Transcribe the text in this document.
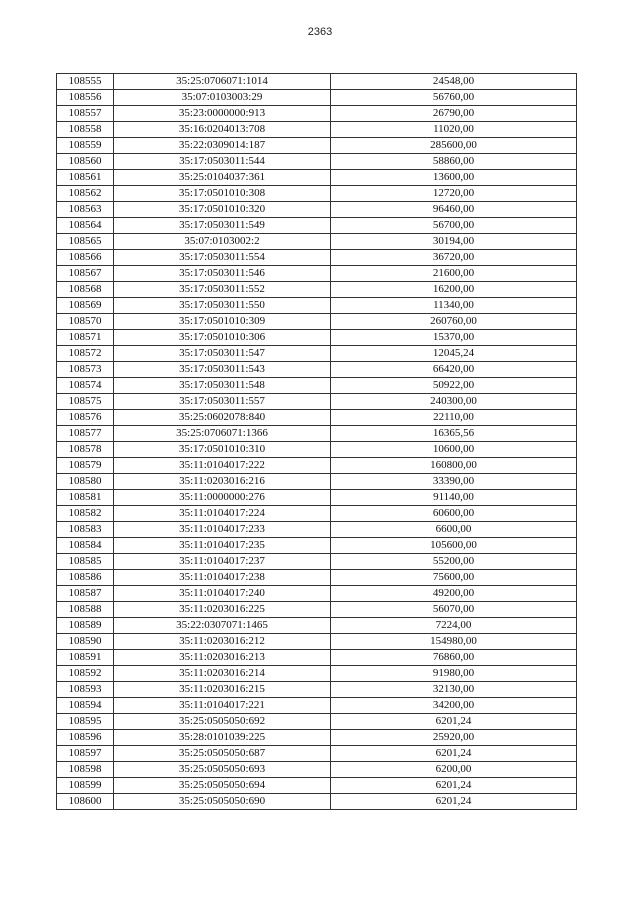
2363
108555	35:25:0706071:1014	24548,00
108556	35:07:0103003:29	56760,00
108557	35:23:0000000:913	26790,00
108558	35:16:0204013:708	11020,00
108559	35:22:0309014:187	285600,00
108560	35:17:0503011:544	58860,00
108561	35:25:0104037:361	13600,00
108562	35:17:0501010:308	12720,00
108563	35:17:0501010:320	96460,00
108564	35:17:0503011:549	56700,00
108565	35:07:0103002:2	30194,00
108566	35:17:0503011:554	36720,00
108567	35:17:0503011:546	21600,00
108568	35:17:0503011:552	16200,00
108569	35:17:0503011:550	11340,00
108570	35:17:0501010:309	260760,00
108571	35:17:0501010:306	15370,00
108572	35:17:0503011:547	12045,24
108573	35:17:0503011:543	66420,00
108574	35:17:0503011:548	50922,00
108575	35:17:0503011:557	240300,00
108576	35:25:0602078:840	22110,00
108577	35:25:0706071:1366	16365,56
108578	35:17:0501010:310	10600,00
108579	35:11:0104017:222	160800,00
108580	35:11:0203016:216	33390,00
108581	35:11:0000000:276	91140,00
108582	35:11:0104017:224	60600,00
108583	35:11:0104017:233	6600,00
108584	35:11:0104017:235	105600,00
108585	35:11:0104017:237	55200,00
108586	35:11:0104017:238	75600,00
108587	35:11:0104017:240	49200,00
108588	35:11:0203016:225	56070,00
108589	35:22:0307071:1465	7224,00
108590	35:11:0203016:212	154980,00
108591	35:11:0203016:213	76860,00
108592	35:11:0203016:214	91980,00
108593	35:11:0203016:215	32130,00
108594	35:11:0104017:221	34200,00
108595	35:25:0505050:692	6201,24
108596	35:28:0101039:225	25920,00
108597	35:25:0505050:687	6201,24
108598	35:25:0505050:693	6200,00
108599	35:25:0505050:694	6201,24
108600	35:25:0505050:690	6201,24
